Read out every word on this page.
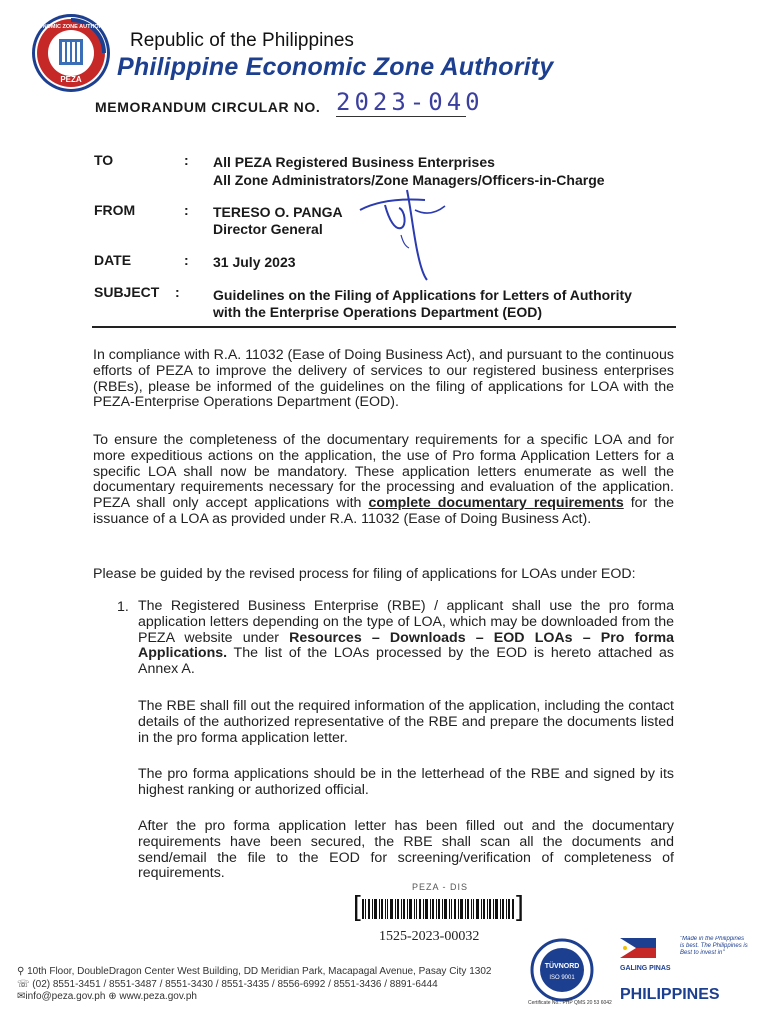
PEZA
ECONOMIC ZONE AUTHORITY
Republic of the Philippines
Philippine Economic Zone Authority
MEMORANDUM CIRCULAR NO. 2023-040
TO	: All PEZA Registered Business Enterprises
All Zone Administrators/Zone Managers/Officers-in-Charge
FROM	: TERESO O. PANGA
Director General
DATE	: 31 July 2023
SUBJECT : Guidelines on the Filing of Applications for Letters of Authority
with the Enterprise Operations Department (EOD)
In compliance with R.A. 11032 (Ease of Doing Business Act), and pursuant to the continuous efforts of PEZA to improve the delivery of services to our registered business enterprises (RBEs), please be informed of the guidelines on the filing of applications for LOA with the PEZA-Enterprise Operations Department (EOD).
To ensure the completeness of the documentary requirements for a specific LOA and for more expeditious actions on the application, the use of Pro forma Application Letters for a specific LOA shall now be mandatory. These application letters enumerate as well the documentary requirements necessary for the processing and evaluation of the application. PEZA shall only accept applications with complete documentary requirements for the issuance of a LOA as provided under R.A. 11032 (Ease of Doing Business Act).
Please be guided by the revised process for filing of applications for LOAs under EOD:
1. The Registered Business Enterprise (RBE) / applicant shall use the pro forma application letters depending on the type of LOA, which may be downloaded from the PEZA website under Resources – Downloads – EOD LOAs – Pro forma Applications. The list of the LOAs processed by the EOD is hereto attached as Annex A.
The RBE shall fill out the required information of the application, including the contact details of the authorized representative of the RBE and prepare the documents listed in the pro forma application letter.
The pro forma applications should be in the letterhead of the RBE and signed by its highest ranking or authorized official.
After the pro forma application letter has been filled out and the documentary requirements have been secured, the RBE shall scan all the documents and send/email the file to the EOD for screening/verification of completeness of requirements.
PEZA - DIS
[	]
1525-2023-00032
⚲ 10th Floor, DoubleDragon Center West Building, DD Meridian Park, Macapagal Avenue, Pasay City 1302
☏ (02) 8551-3451 / 8551-3487 / 8551-3430 / 8551-3435 / 8556-6992 / 8551-3436 / 8891-6444
✉info@peza.gov.ph ⊕ www.peza.gov.ph
TÜVNORD
ISO 9001
Certificate No.: PHP QMS 20 53 6042
GALING PINAS
"Made in the Philippines is best. The Philippines is Best to invest in"
PHILIPPINES
